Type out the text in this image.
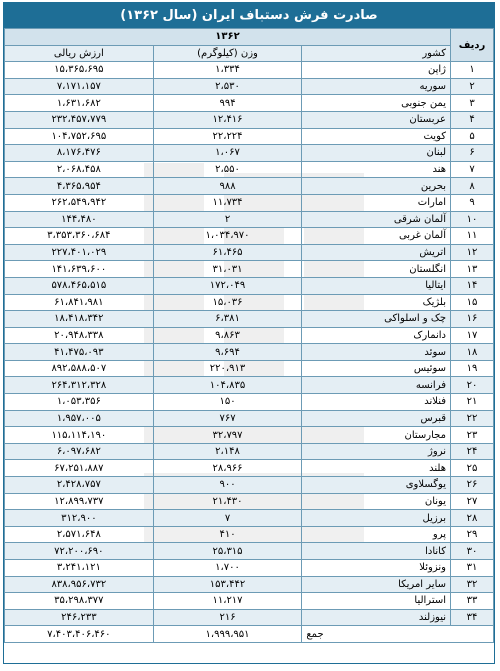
صادرت فرش دستباف ایران (سال ۱۳۶۲)
ردیف	۱۳۶۲		
	کشور	وزن (کیلوگرم)	ارزش ریالی
۱	ژاپن	۱،۳۳۴	۱۵،۳۶۵،۶۹۵
۲	سوریه	۲،۵۳۰	۷،۱۷۱،۱۵۷
۳	یمن جنوبی	۹۹۴	۱،۶۳۱،۶۸۲
۴	عربستان	۱۲،۴۱۶	۲۳۲،۴۵۷،۷۷۹
۵	کویت	۲۲،۲۲۴	۱۰۴،۷۵۲،۶۹۵
۶	لبنان	۱،۰۶۷	۸،۱۷۶،۴۷۶
۷	هند	۲،۵۵۰	۲،۰۶۸،۴۵۸
۸	بحرین	۹۸۸	۴،۳۶۵،۹۵۴
۹	امارات	۱۱،۷۳۴	۲۶۲،۵۴۹،۹۴۲
۱۰	آلمان شرقی	۲	۱۴۴،۴۸۰
۱۱	آلمان غربی	۱،۰۳۴،۹۷۰	۳،۳۵۳،۳۶۰،۶۸۴
۱۲	اتریش	۶۱،۴۶۵	۲۲۷،۴۰۱،۰۲۹
۱۳	انگلستان	۳۱،۰۳۱	۱۴۱،۶۳۹،۶۰۰
۱۴	ایتالیا	۱۷۲،۰۴۹	۵۷۸،۴۶۵،۵۱۵
۱۵	بلژیک	۱۵،۰۳۶	۶۱،۸۴۱،۹۸۱
۱۶	چک و اسلواکی	۶،۳۸۱	۱۸،۴۱۸،۳۴۲
۱۷	دانمارک	۹،۸۶۳	۲۰،۹۴۸،۳۳۸
۱۸	سوئد	۹،۶۹۴	۴۱،۴۷۵،۰۹۳
۱۹	سوئیس	۲۲۰،۹۱۳	۸۹۲،۵۸۸،۵۰۷
۲۰	فرانسه	۱۰۴،۸۳۵	۲۶۴،۳۱۲،۳۲۸
۲۱	فنلاند	۱۵۰	۱،۰۵۳،۳۵۶
۲۲	قبرس	۷۶۷	۱،۹۵۷،۰۰۵
۲۳	مجارستان	۳۲،۷۹۷	۱۱۵،۱۱۴،۱۹۰
۲۴	نروژ	۲،۱۴۸	۶،۰۹۷،۶۸۲
۲۵	هلند	۲۸،۹۶۶	۶۷،۲۵۱،۸۸۷
۲۶	یوگسلاوی	۹۰۰	۲،۴۲۸،۷۵۷
۲۷	یونان	۲۱،۴۳۰	۱۲،۸۹۹،۷۳۷
۲۸	برزیل	۷	۳۱۲،۹۰۰
۲۹	پرو	۴۱۰	۲،۵۷۱،۶۴۸
۳۰	کانادا	۲۵،۳۱۵	۷۲،۲۰۰،۶۹۰
۳۱	ونزوئلا	۱،۷۰۰	۳،۲۴۱،۱۲۱
۳۲	سایر امریکا	۱۵۳،۴۴۲	۸۳۸،۹۵۶،۷۳۲
۳۳	استرالیا	۱۱،۲۱۷	۳۵،۲۹۸،۳۷۷
۳۴	نیوزلند	۲۱۶	۲۴۶،۲۳۳
جمع		۱،۹۹۹،۹۵۱	۷،۴۰۳،۴۰۶،۴۶۰
